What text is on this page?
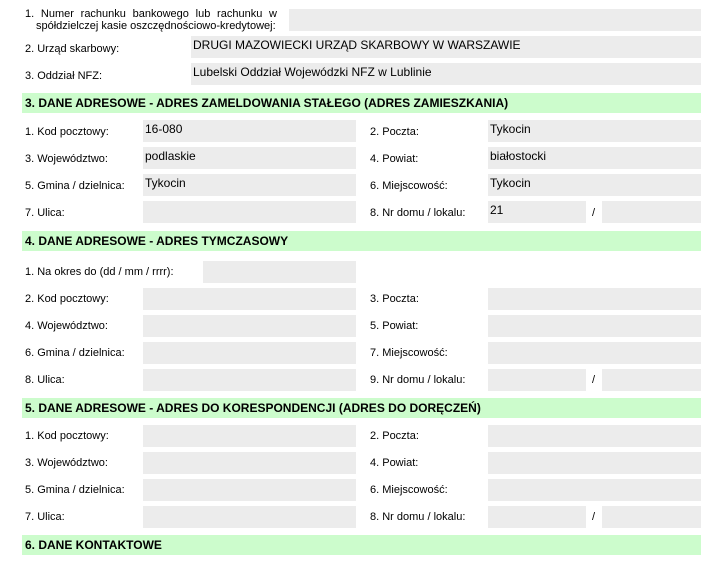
1. Numer rachunku bankowego lub rachunku w
spółdzielczej kasie oszczędnościowo-kredytowej:
2. Urząd skarbowy:	DRUGI MAZOWIECKI URZĄD SKARBOWY W WARSZAWIE
3. Oddział NFZ:	Lubelski Oddział Wojewódzki NFZ w Lublinie
3. DANE ADRESOWE - ADRES ZAMELDOWANIA STAŁEGO (ADRES ZAMIESZKANIA)
1. Kod pocztowy:	16-080	2. Poczta:	Tykocin
3. Województwo:	podlaskie	4. Powiat:	białostocki
5. Gmina / dzielnica: Tykocin	6. Miejscowość:	Tykocin
7. Ulica:	8. Nr domu / lokalu: 21	/
4. DANE ADRESOWE - ADRES TYMCZASOWY
1. Na okres do (dd / mm / rrrr):
2. Kod pocztowy:	3. Poczta:
4. Województwo:	5. Powiat:
6. Gmina / dzielnica:	7. Miejscowość:
8. Ulica:	9. Nr domu / lokalu:	/
5. DANE ADRESOWE - ADRES DO KORESPONDENCJI (ADRES DO DORĘCZEŃ)
1. Kod pocztowy:	2. Poczta:
3. Województwo:	4. Powiat:
5. Gmina / dzielnica:	6. Miejscowość:
7. Ulica:	8. Nr domu / lokalu:	/
6. DANE KONTAKTOWE
